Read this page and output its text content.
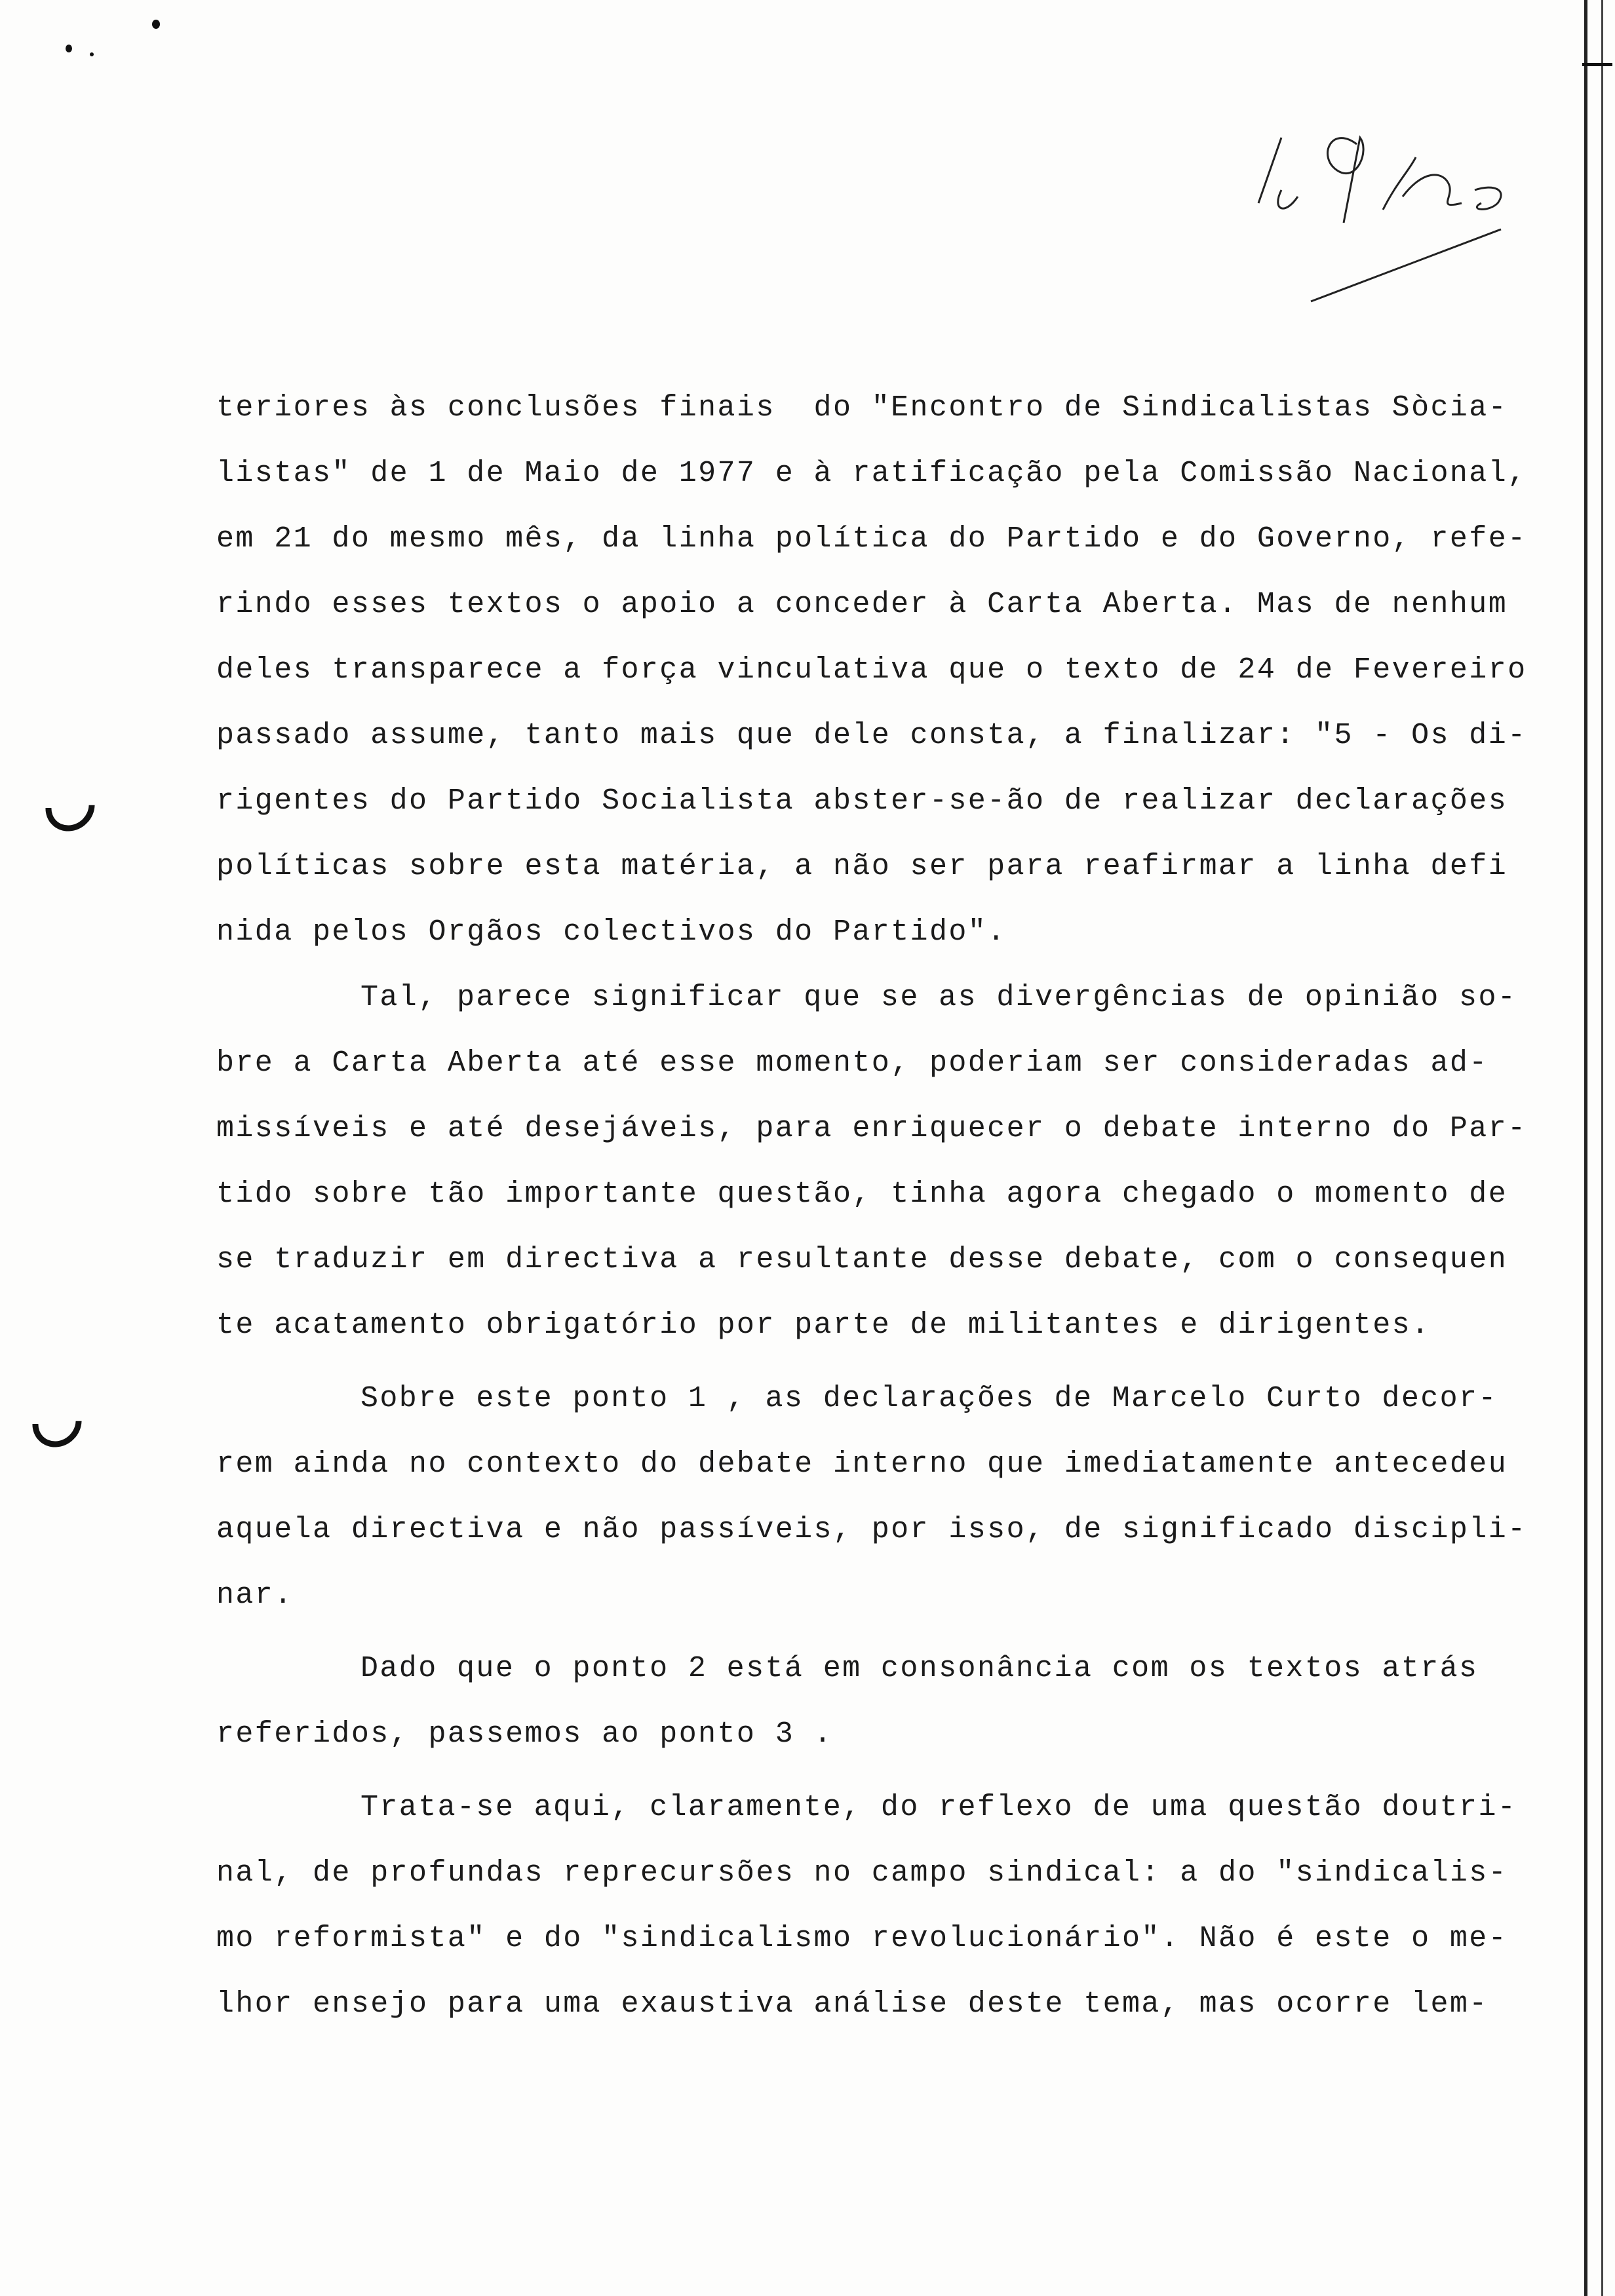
teriores às conclusões finais  do "Encontro de Sindicalistas Sòcia-
listas" de 1 de Maio de 1977 e à ratificação pela Comissão Nacional,
em 21 do mesmo mês, da linha política do Partido e do Governo, refe-
rindo esses textos o apoio a conceder à Carta Aberta. Mas de nenhum
deles transparece a força vinculativa que o texto de 24 de Fevereiro
passado assume, tanto mais que dele consta, a finalizar: "5 - Os di-
rigentes do Partido Socialista abster-se-ão de realizar declarações
políticas sobre esta matéria, a não ser para reafirmar a linha defi
nida pelos Orgãos colectivos do Partido".
Tal, parece significar que se as divergências de opinião so-
bre a Carta Aberta até esse momento, poderiam ser consideradas ad-
missíveis e até desejáveis, para enriquecer o debate interno do Par-
tido sobre tão importante questão, tinha agora chegado o momento de
se traduzir em directiva a resultante desse debate, com o consequen
te acatamento obrigatório por parte de militantes e dirigentes.
Sobre este ponto 1 , as declarações de Marcelo Curto decor-
rem ainda no contexto do debate interno que imediatamente antecedeu
aquela directiva e não passíveis, por isso, de significado discipli-
nar.
Dado que o ponto 2 está em consonância com os textos atrás
referidos, passemos ao ponto 3 .
Trata-se aqui, claramente, do reflexo de uma questão doutri-
nal, de profundas reprecursões no campo sindical: a do "sindicalis-
mo reformista" e do "sindicalismo revolucionário". Não é este o me-
lhor ensejo para uma exaustiva análise deste tema, mas ocorre lem-
